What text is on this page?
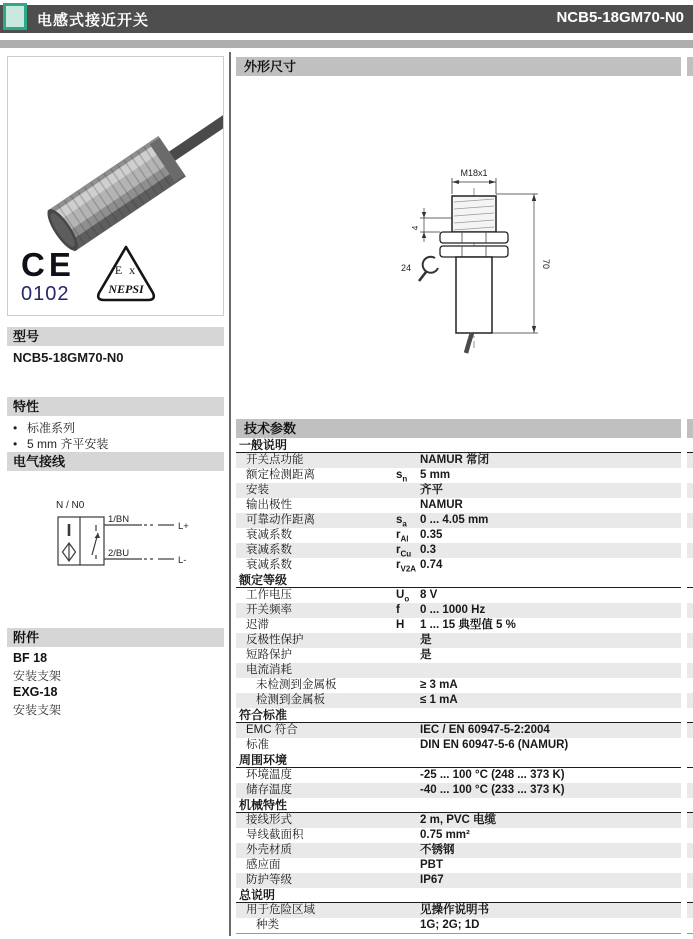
电感式接近开关	NCB5-18GM70-N0
CE
0102
E x
NEPSI
型号
NCB5-18GM70-N0
特性
• 标准系列
• 5 mm 齐平安装
电气接线
N / N0
1/BN
L+
2/BU
L-
附件
BF 18
安装支架
EXG-18
安装支架
外形尺寸
M18x1
4
24	70
技术参数
一般说明
开关点功能	NAMUR 常闭
额定检测距离	$s_n$	5 mm
安装	齐平
输出极性	NAMUR
可靠动作距离	$s_a$	0 ... 4.05 mm
衰减系数	$r_{Al}$	0.35
衰减系数	$r_{Cu}$ 0.3
衰减系数	$r_{V2A}$ 0.74
额定等级
工作电压	$U_o$ 8 V
开关频率	f	0 ... 1000 Hz
迟滞	H	1 ... 15 典型值 5 %
反极性保护	是
短路保护	是
电流消耗
未检测到金属板	≥ 3 mA
检测到金属板	≤ 1 mA
符合标准
EMC 符合	IEC / EN 60947-5-2:2004
标准	DIN EN 60947-5-6 (NAMUR)
周围环境
环境温度	-25 ... 100 °C (248 ... 373 K)
储存温度	-40 ... 100 °C (233 ... 373 K)
机械特性
接线形式	2 m, PVC 电缆
导线截面积	0.75 mm²
外壳材质	不锈钢
感应面	PBT
防护等级	IP67
总说明
用于危险区域	见操作说明书
种类	1G; 2G; 1D
